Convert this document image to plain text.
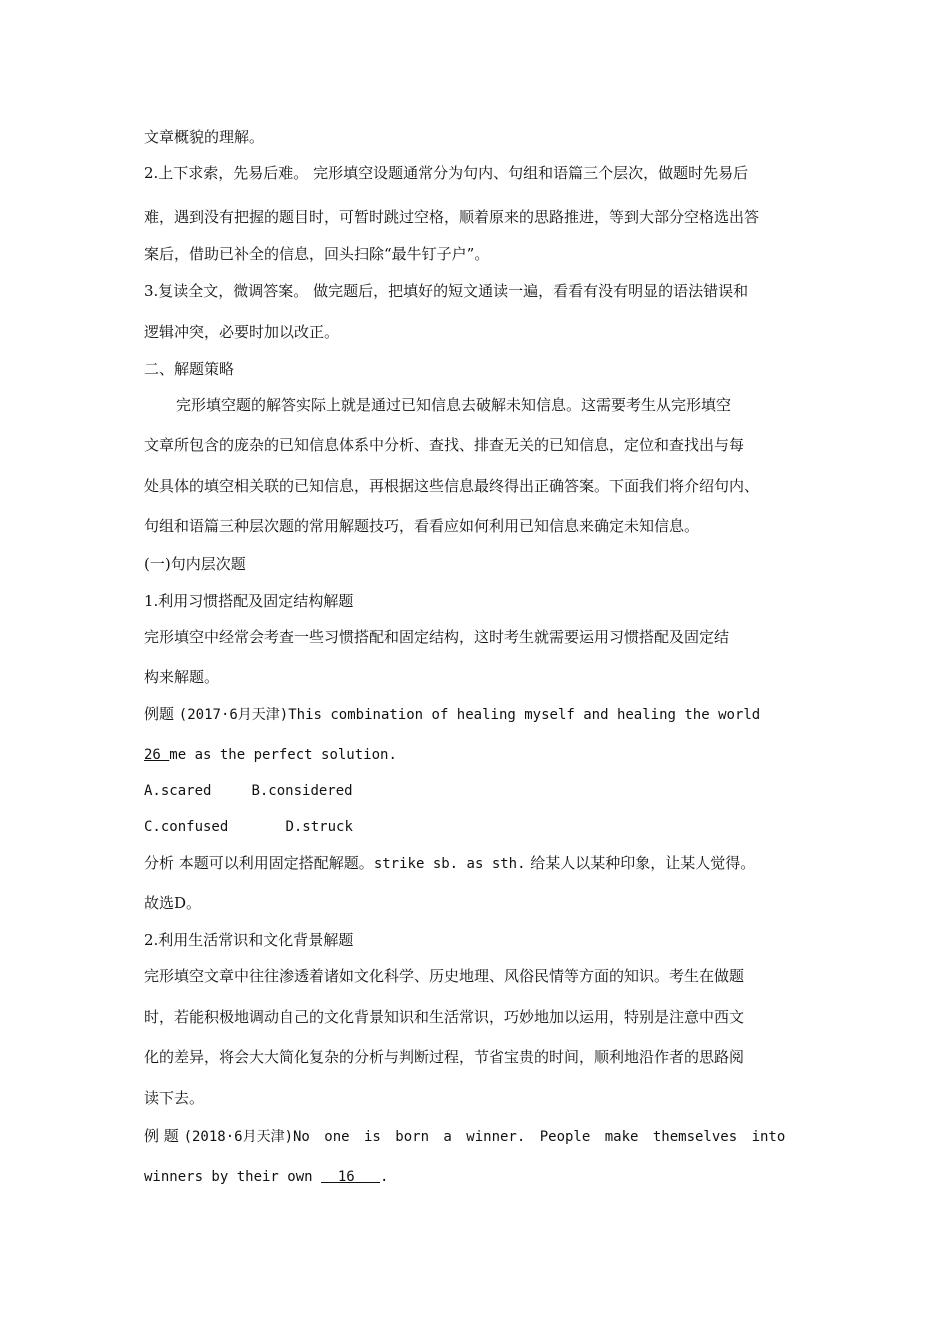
文章概貌的理解。
2.上下求索，先易后难。 完形填空设题通常分为句内、句组和语篇三个层次，做题时先易后
难，遇到没有把握的题目时，可暂时跳过空格，顺着原来的思路推进，等到大部分空格选出答
案后，借助已补全的信息，回头扫除“最牛钉子户”。
3.复读全文，微调答案。 做完题后，把填好的短文通读一遍，看看有没有明显的语法错误和
逻辑冲突，必要时加以改正。
二、解题策略
完形填空题的解答实际上就是通过已知信息去破解未知信息。这需要考生从完形填空
文章所包含的庞杂的已知信息体系中分析、查找、排查无关的已知信息，定位和查找出与每
处具体的填空相关联的已知信息，再根据这些信息最终得出正确答案。下面我们将介绍句内、
句组和语篇三种层次题的常用解题技巧，看看应如何利用已知信息来确定未知信息。
(一)句内层次题
1.利用习惯搭配及固定结构解题
完形填空中经常会考查一些习惯搭配和固定结构，这时考生就需要运用习惯搭配及固定结
构来解题。
例题 (2017·6月天津)This combination of healing myself and healing the world
26 me as the perfect solution.
A.scared	B.considered
C.confused	D.struck
分析 本题可以利用固定搭配解题。strike sb. as sth. 给某人以某种印象，让某人觉得。
故选D。
2.利用生活常识和文化背景解题
完形填空文章中往往渗透着诸如文化科学、历史地理、风俗民情等方面的知识。考生在做题
时，若能积极地调动自己的文化背景知识和生活常识，巧妙地加以运用，特别是注意中西文
化的差异，将会大大简化复杂的分析与判断过程，节省宝贵的时间，顺利地沿作者的思路阅
读下去。
例 题 (2018·6月天津)No one is born a winner. People make themselves into
winners by their own   16   .
